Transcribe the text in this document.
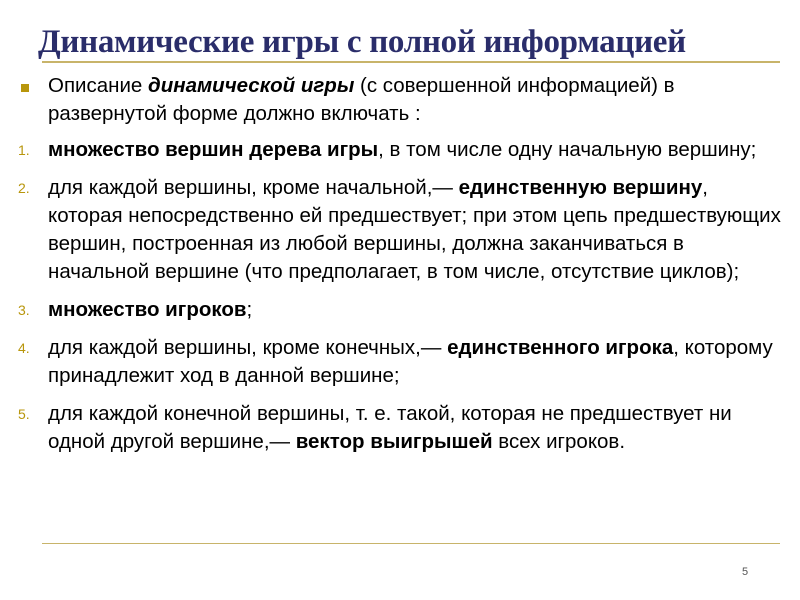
Динамические игры с полной информацией
Описание динамической игры (с совершенной информацией) в развернутой форме должно включать :
1. множество вершин дерева игры, в том числе одну начальную вершину;
2. для каждой вершины, кроме начальной,— единственную вершину, которая непосредственно ей предшествует; при этом цепь предшествующих вершин, построенная из любой вершины, должна заканчиваться в начальной вершине (что предполагает, в том числе, отсутствие циклов);
3. множество игроков;
4. для каждой вершины, кроме конечных,— единственного игрока, которому принадлежит ход в данной вершине;
5. для каждой конечной вершины, т. е. такой, которая не предшествует ни одной другой вершине,— вектор выигрышей всех игроков.
5
